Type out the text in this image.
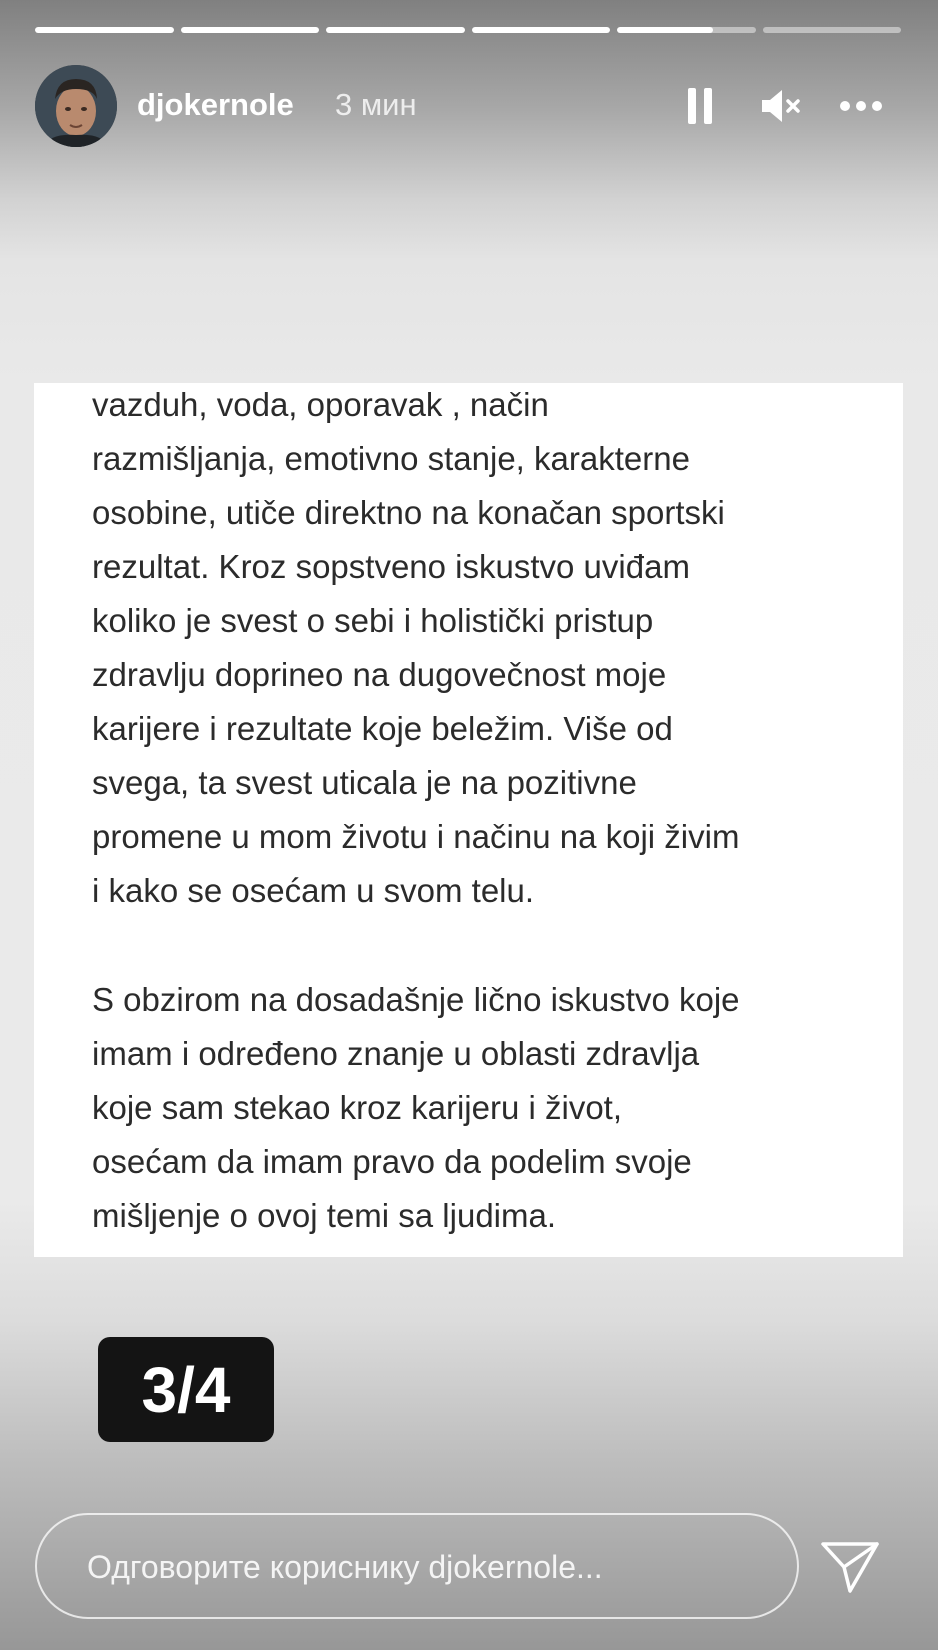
djokernole 3 мин
vazduh, voda, oporavak , način
razmišljanja, emotivno stanje, karakterne
osobine, utiče direktno na konačan sportski
rezultat. Kroz sopstveno iskustvo uviđam
koliko je svest o sebi i holistički pristup
zdravlju doprineo na dugovečnost moje
karijere i rezultate koje beležim. Više od
svega, ta svest uticala je na pozitivne
promene u mom životu i načinu na koji živim
i kako se osećam u svom telu.
S obzirom na dosadašnje lično iskustvo koje
imam i određeno znanje u oblasti zdravlja
koje sam stekao kroz karijeru i život,
osećam da imam pravo da podelim svoje
mišljenje o ovoj temi sa ljudima.
3/4
Одговорите кориснику djokernole...
